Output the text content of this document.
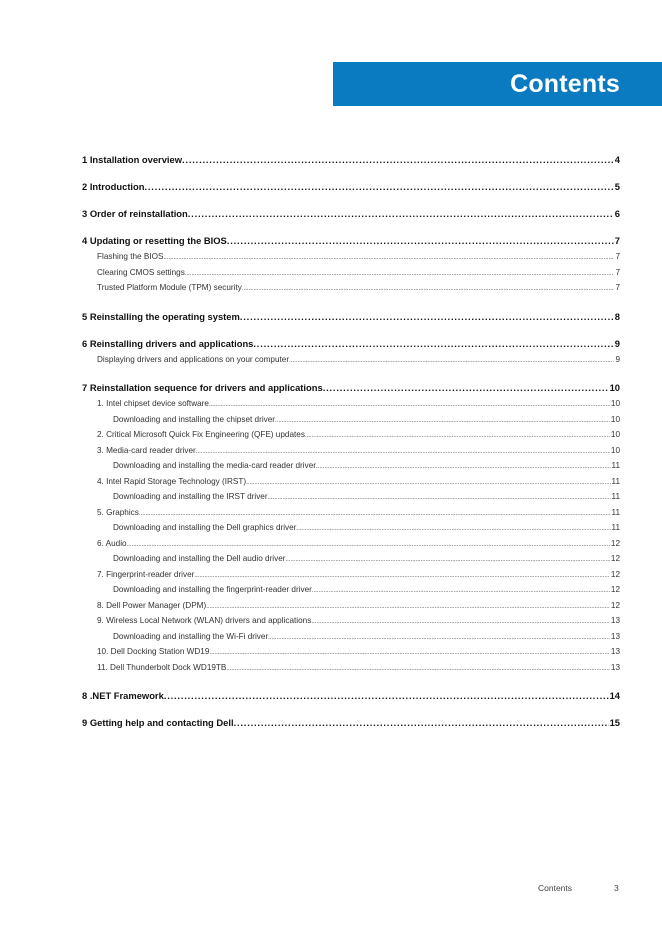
Contents
1 Installation overview .....	4
2 Introduction .....	5
3 Order of reinstallation .....	6
4 Updating or resetting the BIOS .....	7
Flashing the BIOS .....	7
Clearing CMOS settings .....	7
Trusted Platform Module (TPM) security .....	7
5 Reinstalling the operating system .....	8
6 Reinstalling drivers and applications .....	9
Displaying drivers and applications on your computer .....	9
7 Reinstallation sequence for drivers and applications .....	10
1. Intel chipset device software .....	10
Downloading and installing the chipset driver .....	10
2. Critical Microsoft Quick Fix Engineering (QFE) updates .....	10
3. Media-card reader driver .....	10
Downloading and installing the media-card reader driver .....	11
4. Intel Rapid Storage Technology (IRST) .....	11
Downloading and installing the IRST driver .....	11
5. Graphics .....	11
Downloading and installing the Dell graphics driver .....	11
6. Audio .....	12
Downloading and installing the Dell audio driver .....	12
7. Fingerprint-reader driver .....	12
Downloading and installing the fingerprint-reader driver .....	12
8. Dell Power Manager (DPM) .....	12
9. Wireless Local Network (WLAN) drivers and applications .....	13
Downloading and installing the Wi-Fi driver .....	13
10. Dell Docking Station WD19 .....	13
11. Dell Thunderbolt Dock WD19TB .....	13
8 .NET Framework .....	14
9 Getting help and contacting Dell .....	15
Contents	3
